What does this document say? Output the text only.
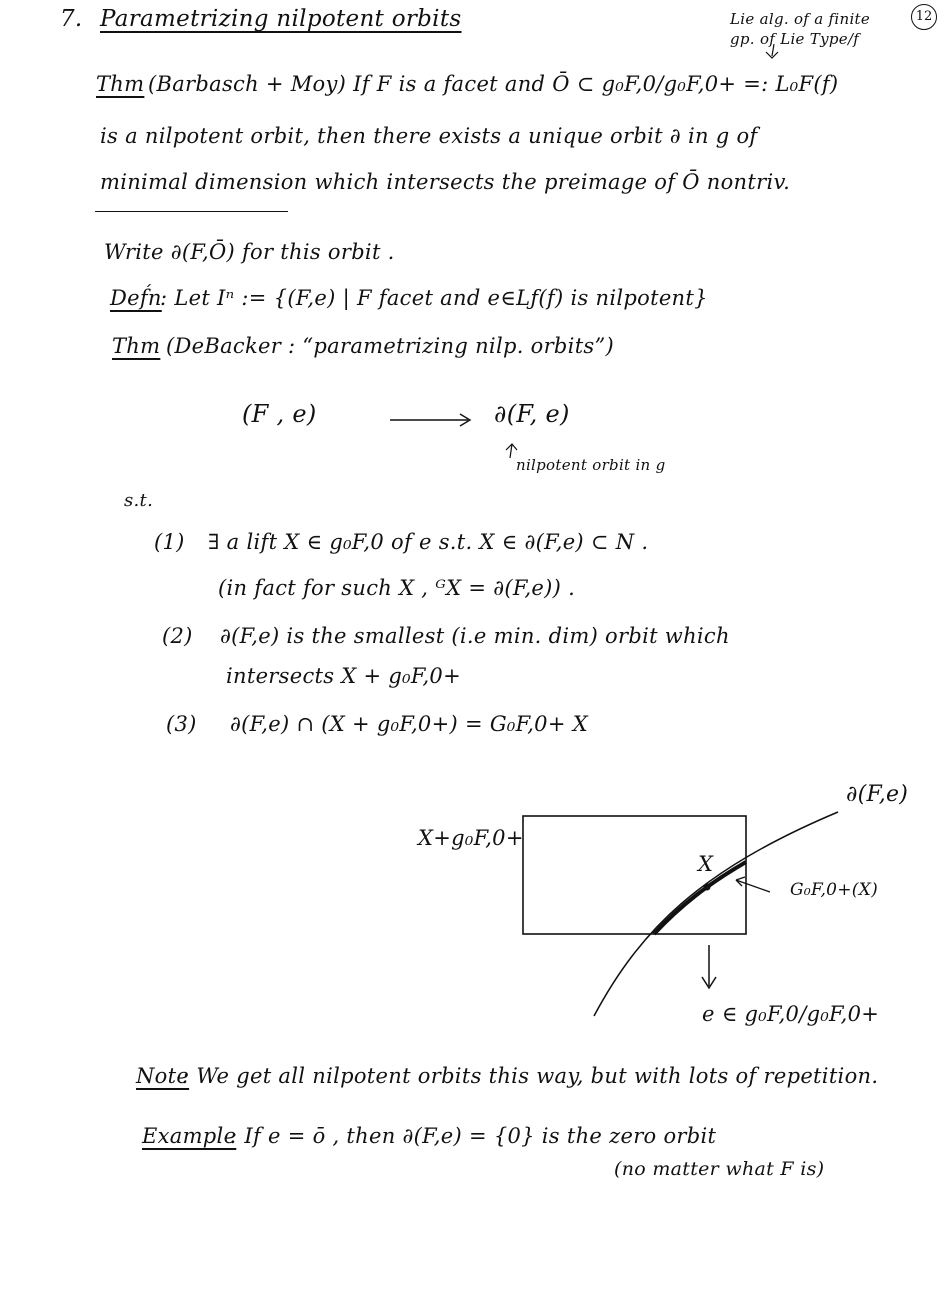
12
7. Parametrizing nilpotent orbits	Lie alg. of a finite
gp. of Lie Type/f
Thm (Barbasch + Moy) If F is a facet and Ō ⊂ g₀F,0/g₀F,0+ =: L₀F(f)
is a nilpotent orbit, then there exists a unique orbit ∂ in g of
minimal dimension which intersects the preimage of Ō nontriv.
Write ∂(F,Ō) for this orbit .
Def́n
: Let Iⁿ := {(F,e) | F facet and e∈Lƒ(f) is nilpotent}
Thm (DeBacker : “parametrizing nilp. orbits”)
(F , e)	∂(F, e)
nilpotent orbit in g
s.t.
(1) ∃ a lift X ∈ g₀F,0 of e s.t. X ∈ ∂(F,e) ⊂ N .
(in fact for such X , ᴳX = ∂(F,e)) .
(2) ∂(F,e) is the smallest (i.e min. dim) orbit which
intersects X + g₀F,0+
(3) ∂(F,e) ∩ (X + g₀F,0+) = G₀F,0+ X
∂(F,e)
X+g₀F,0+
X
G₀F,0+(X)
e ∈ g₀F,0/g₀F,0+
Note
: We get all nilpotent orbits this way, but with lots of repetition.
Example
: If e = ō , then ∂(F,e) = {0} is the zero orbit
(no matter what F is)
